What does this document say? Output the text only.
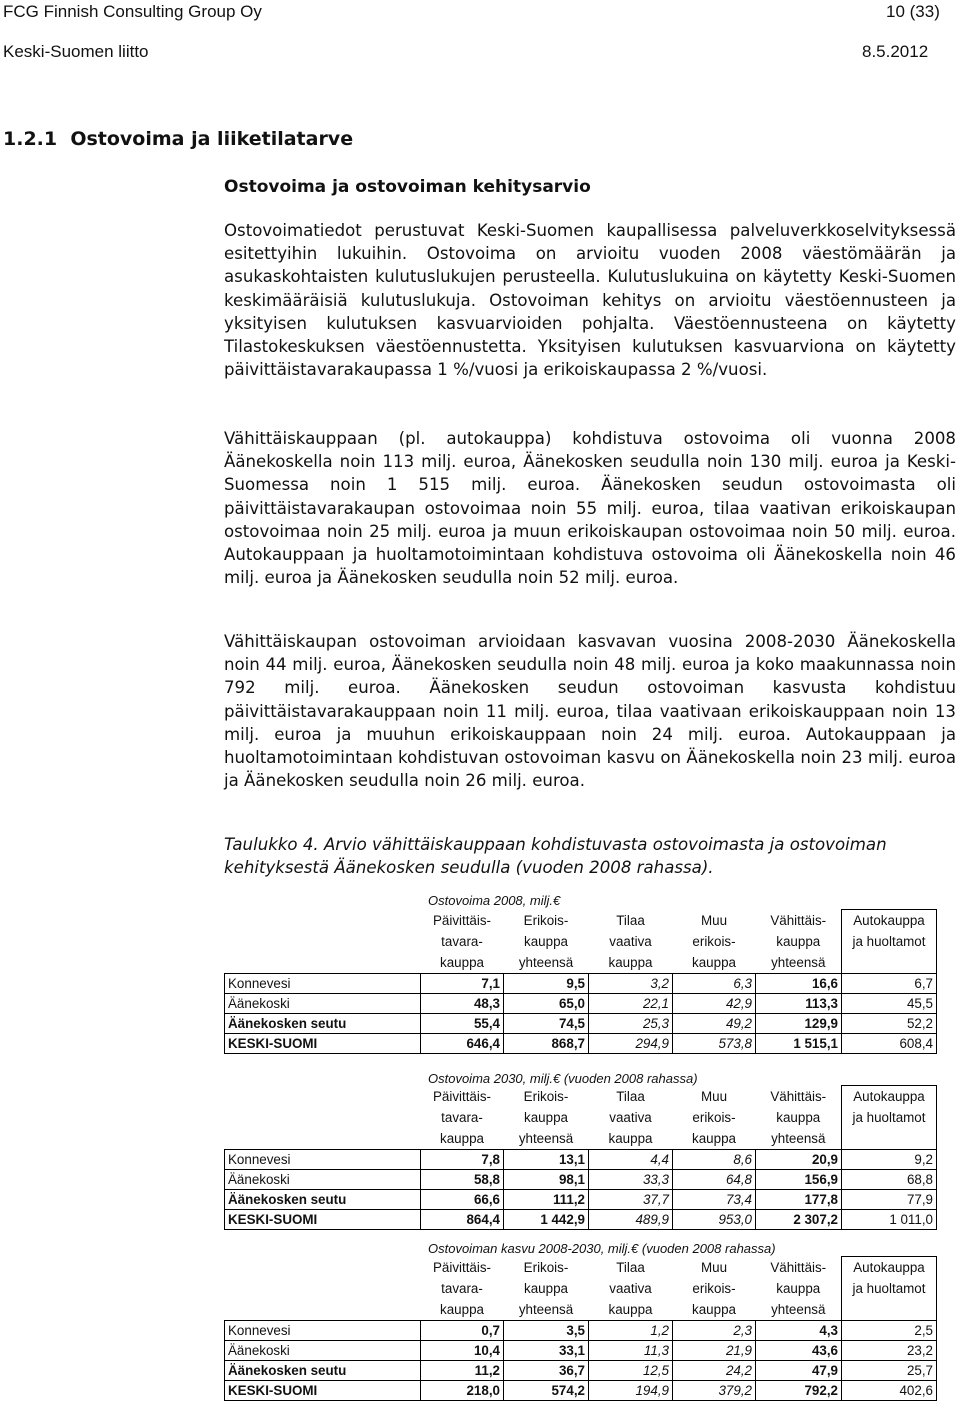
FCG Finnish Consulting Group Oy
Keski-Suomen liitto
10 (33)
8.5.2012
1.2.1  Ostovoima ja liiketilatarve
Ostovoima ja ostovoiman kehitysarvio

Ostovoimatiedot perustuvat Keski-Suomen kaupallisessa palveluverkkoselvityksessä esitettyihin lukuihin. Ostovoima on arvioitu vuoden 2008 väestömäärän ja asukaskohtaisten kulutuslukujen perusteella. Kulutuslukuina on käytetty Keski-Suomen keskimääräisiä kulutuslukuja. Ostovoiman kehitys on arvioitu väestöennusteen ja yksityisen kulutuksen kasvuarvioiden pohjalta. Väestöennusteena on käytetty Tilastokeskuksen väestöennustetta. Yksityisen kulutuksen kasvuarviona on käytetty päivittäistavarakaupassa 1 %/vuosi ja erikoiskaupassa 2 %/vuosi.

Vähittäiskauppaan (pl. autokauppa) kohdistuva ostovoima oli vuonna 2008 Äänekoskella noin 113 milj. euroa, Äänekosken seudulla noin 130 milj. euroa ja Keski-Suomessa noin 1 515 milj. euroa. Äänekosken seudun ostovoimasta oli päivittäistavarakaupan ostovoimaa noin 55 milj. euroa, tilaa vaativan erikoiskaupan ostovoimaa noin 25 milj. euroa ja muun erikoiskaupan ostovoimaa noin 50 milj. euroa. Autokauppaan ja huoltamotoimintaan kohdistuva ostovoima oli Äänekoskella noin 46 milj. euroa ja Äänekosken seudulla noin 52 milj. euroa.

Vähittäiskaupan ostovoiman arvioidaan kasvavan vuosina 2008-2030 Äänekoskella noin 44 milj. euroa, Äänekosken seudulla noin 48 milj. euroa ja koko maakunnassa noin 792 milj. euroa. Äänekosken seudun ostovoiman kasvusta kohdistuu päivittäistavarakauppaan noin 11 milj. euroa, tilaa vaativaan erikoiskauppaan noin 13 milj. euroa ja muuhun erikoiskauppaan noin 24 milj. euroa. Autokauppaan ja huoltamotoimintaan kohdistuvan ostovoiman kasvu on Äänekoskella noin 23 milj. euroa ja Äänekosken seudulla noin 26 milj. euroa.

Taulukko 4. Arvio vähittäiskauppaan kohdistuvasta ostovoimasta ja ostovoiman kehityksestä Äänekosken seudulla (vuoden 2008 rahassa).

Ostovoima 2008, milj.€
	Päivittäis-
tavara-
kauppa	Erikois-
kauppa
yhteensä	Tilaa
vaativa
kauppa	Muu
erikois-
kauppa	Vähittäis-
kauppa
yhteensä	Autokauppa
ja huoltamot
Konnevesi	7,1	9,5	3,2	6,3	16,6	6,7
Äänekoski	48,3	65,0	22,1	42,9	113,3	45,5
Äänekosken seutu	55,4	74,5	25,3	49,2	129,9	52,2
KESKI-SUOMI	646,4	868,7	294,9	573,8	1 515,1	608,4
Ostovoima 2030, milj.€ (vuoden 2008 rahassa)
	Päivittäis-
tavara-
kauppa	Erikois-
kauppa
yhteensä	Tilaa
vaativa
kauppa	Muu
erikois-
kauppa	Vähittäis-
kauppa
yhteensä	Autokauppa
ja huoltamot
Konnevesi	7,8	13,1	4,4	8,6	20,9	9,2
Äänekoski	58,8	98,1	33,3	64,8	156,9	68,8
Äänekosken seutu	66,6	111,2	37,7	73,4	177,8	77,9
KESKI-SUOMI	864,4	1 442,9	489,9	953,0	2 307,2	1 011,0
Ostovoiman kasvu 2008-2030, milj.€ (vuoden 2008 rahassa)
	Päivittäis-
tavara-
kauppa	Erikois-
kauppa
yhteensä	Tilaa
vaativa
kauppa	Muu
erikois-
kauppa	Vähittäis-
kauppa
yhteensä	Autokauppa
ja huoltamot
Konnevesi	0,7	3,5	1,2	2,3	4,3	2,5
Äänekoski	10,4	33,1	11,3	21,9	43,6	23,2
Äänekosken seutu	11,2	36,7	12,5	24,2	47,9	25,7
KESKI-SUOMI	218,0	574,2	194,9	379,2	792,2	402,6
